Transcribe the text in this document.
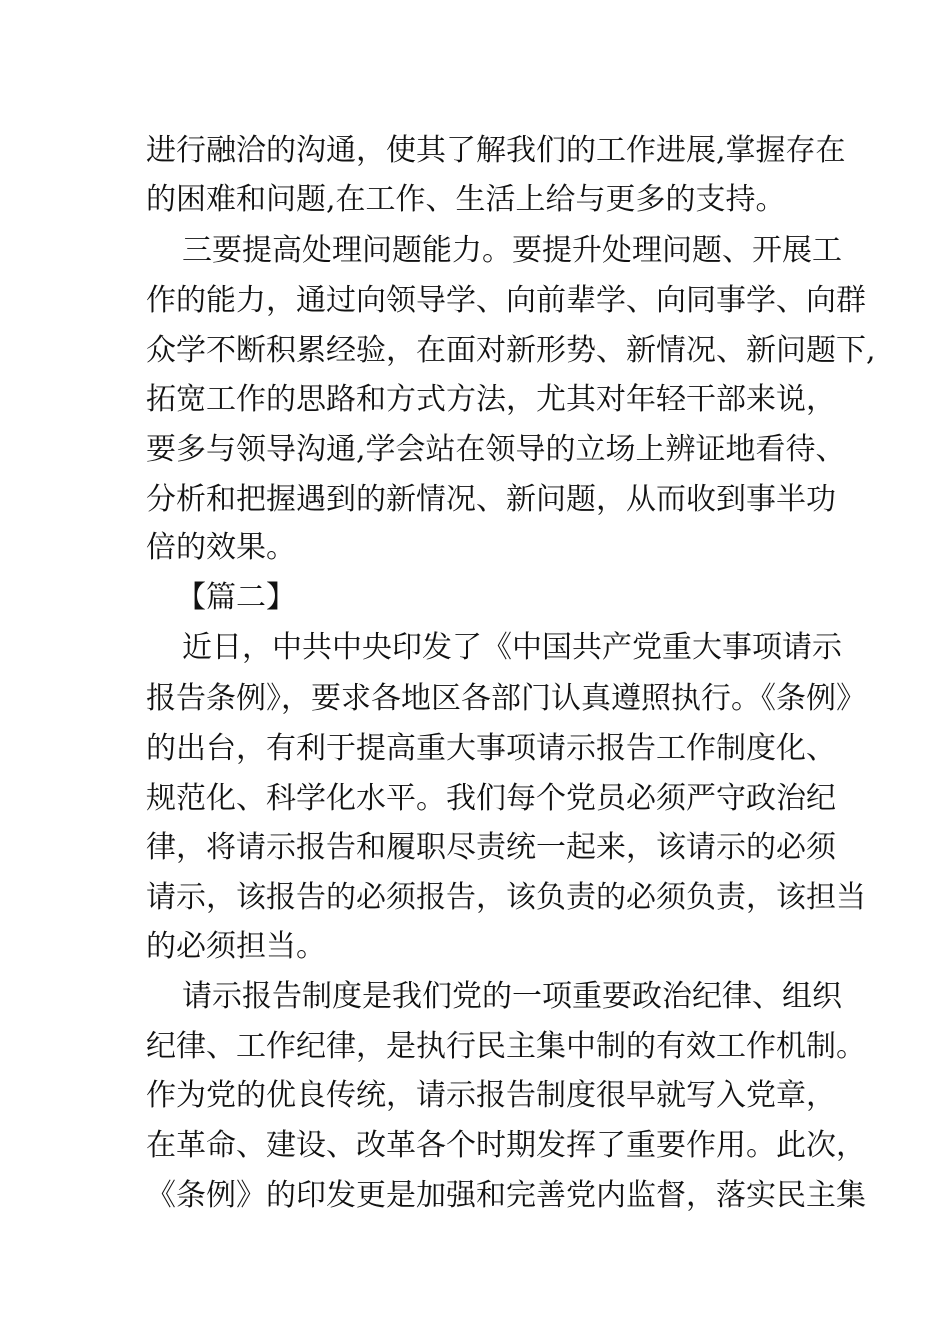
进行融洽的沟通，使其了解我们的工作进展,掌握存在
的困难和问题,在工作、生活上给与更多的支持。
三要提高处理问题能力。要提升处理问题、开展工
作的能力，通过向领导学、向前辈学、向同事学、向群
众学不断积累经验，在面对新形势、新情况、新问题下,
拓宽工作的思路和方式方法，尤其对年轻干部来说，
要多与领导沟通,学会站在领导的立场上辨证地看待、
分析和把握遇到的新情况、新问题，从而收到事半功
倍的效果。
【篇二】
近日，中共中央印发了《中国共产党重大事项请示
报告条例》，要求各地区各部门认真遵照执行。《条例》
的出台，有利于提高重大事项请示报告工作制度化、
规范化、科学化水平。我们每个党员必须严守政治纪
律，将请示报告和履职尽责统一起来，该请示的必须
请示，该报告的必须报告，该负责的必须负责，该担当
的必须担当。
请示报告制度是我们党的一项重要政治纪律、组织
纪律、工作纪律，是执行民主集中制的有效工作机制。
作为党的优良传统，请示报告制度很早就写入党章，
在革命、建设、改革各个时期发挥了重要作用。此次，
《条例》的印发更是加强和完善党内监督，落实民主集
